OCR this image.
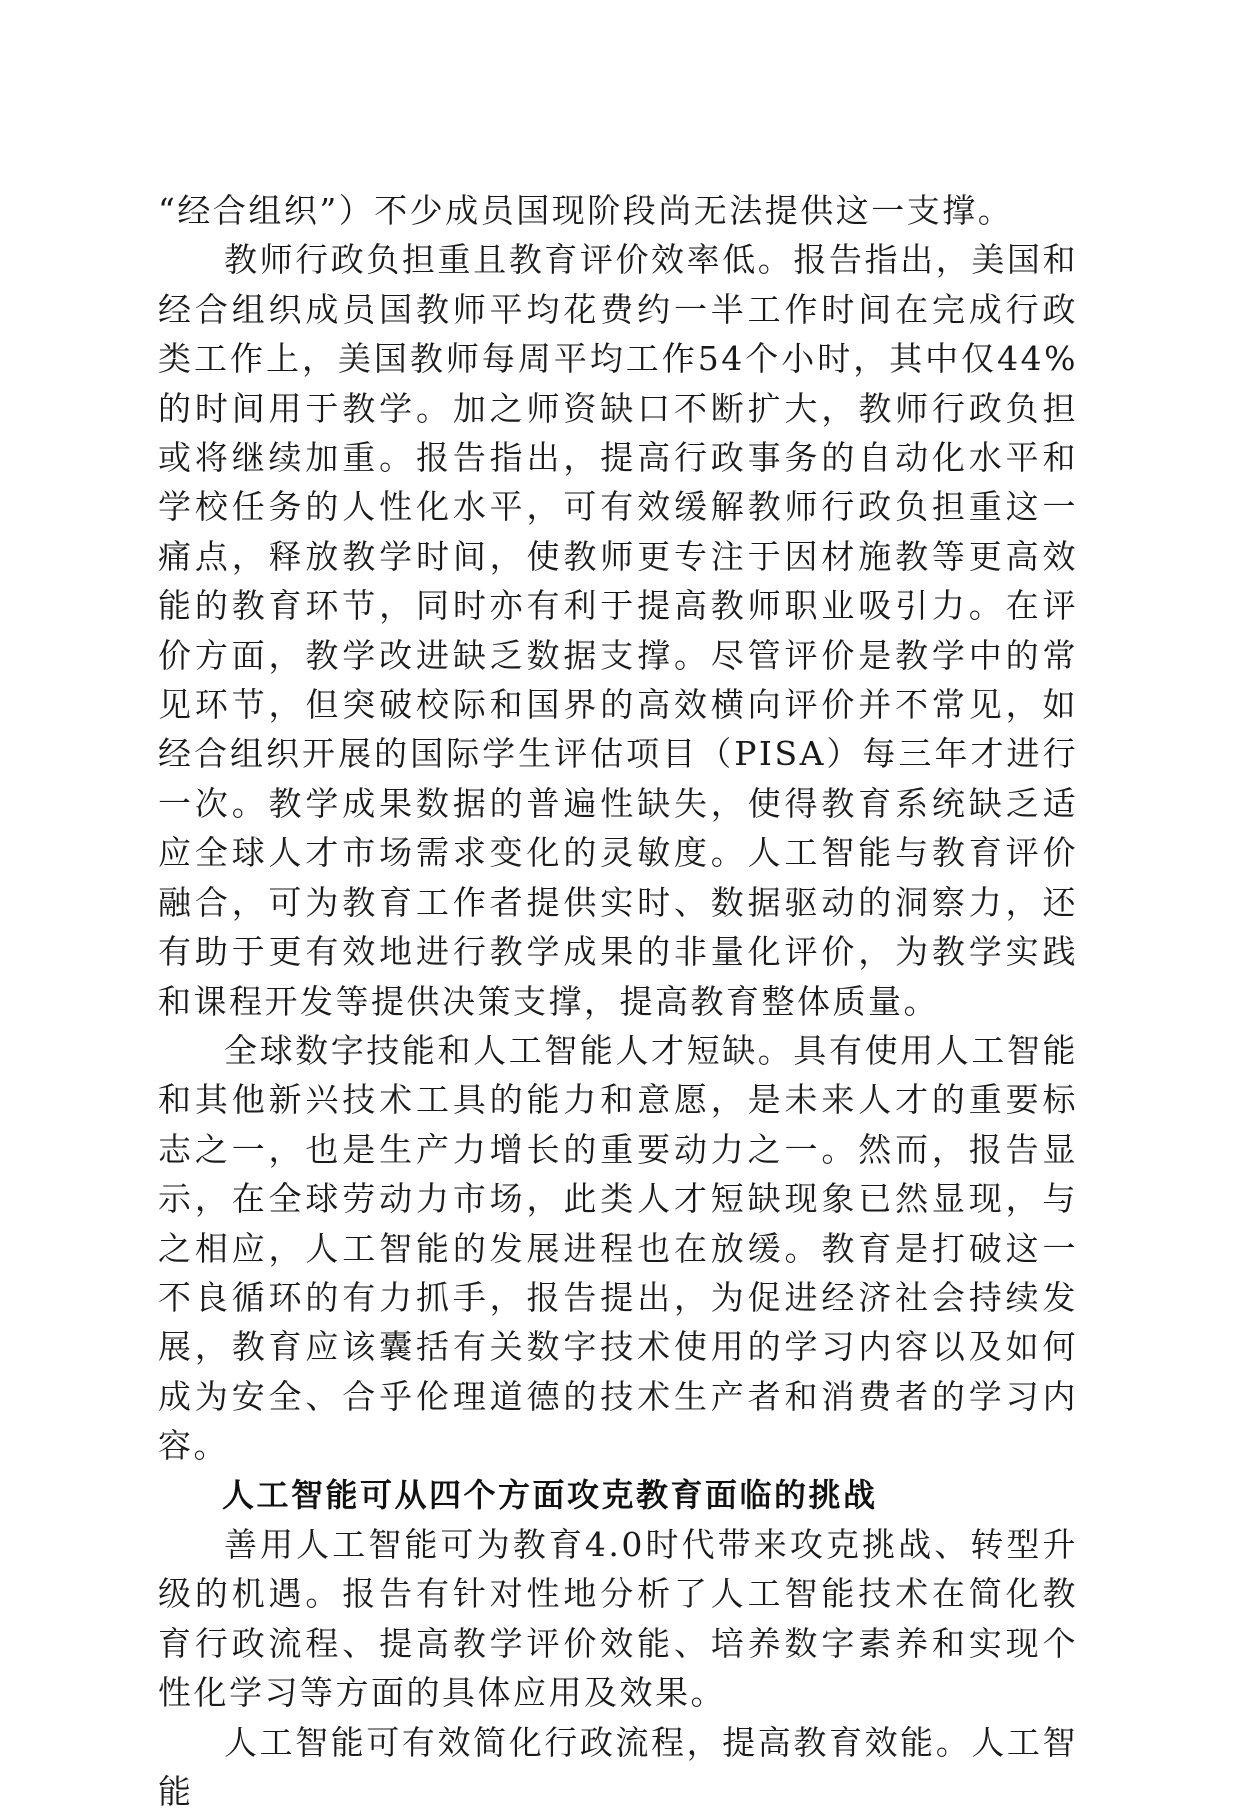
“经合组织”）不少成员国现阶段尚无法提供这一支撑。

教师行政负担重且教育评价效率低。报告指出，美国和经合组织成员国教师平均花费约一半工作时间在完成行政类工作上，美国教师每周平均工作54个小时，其中仅44%的时间用于教学。加之师资缺口不断扩大，教师行政负担或将继续加重。报告指出，提高行政事务的自动化水平和学校任务的人性化水平，可有效缓解教师行政负担重这一痛点，释放教学时间，使教师更专注于因材施教等更高效能的教育环节，同时亦有利于提高教师职业吸引力。在评价方面，教学改进缺乏数据支撑。尽管评价是教学中的常见环节，但突破校际和国界的高效横向评价并不常见，如经合组织开展的国际学生评估项目（PISA）每三年才进行一次。教学成果数据的普遍性缺失，使得教育系统缺乏适应全球人才市场需求变化的灵敏度。人工智能与教育评价融合，可为教育工作者提供实时、数据驱动的洞察力，还有助于更有效地进行教学成果的非量化评价，为教学实践和课程开发等提供决策支撑，提高教育整体质量。

全球数字技能和人工智能人才短缺。具有使用人工智能和其他新兴技术工具的能力和意愿，是未来人才的重要标志之一，也是生产力增长的重要动力之一。然而，报告显示，在全球劳动力市场，此类人才短缺现象已然显现，与之相应，人工智能的发展进程也在放缓。教育是打破这一不良循环的有力抓手，报告提出，为促进经济社会持续发展，教育应该囊括有关数字技术使用的学习内容以及如何成为安全、合乎伦理道德的技术生产者和消费者的学习内容。

人工智能可从四个方面攻克教育面临的挑战

善用人工智能可为教育4.0时代带来攻克挑战、转型升级的机遇。报告有针对性地分析了人工智能技术在简化教育行政流程、提高教学评价效能、培养数字素养和实现个性化学习等方面的具体应用及效果。

人工智能可有效简化行政流程，提高教育效能。人工智能
